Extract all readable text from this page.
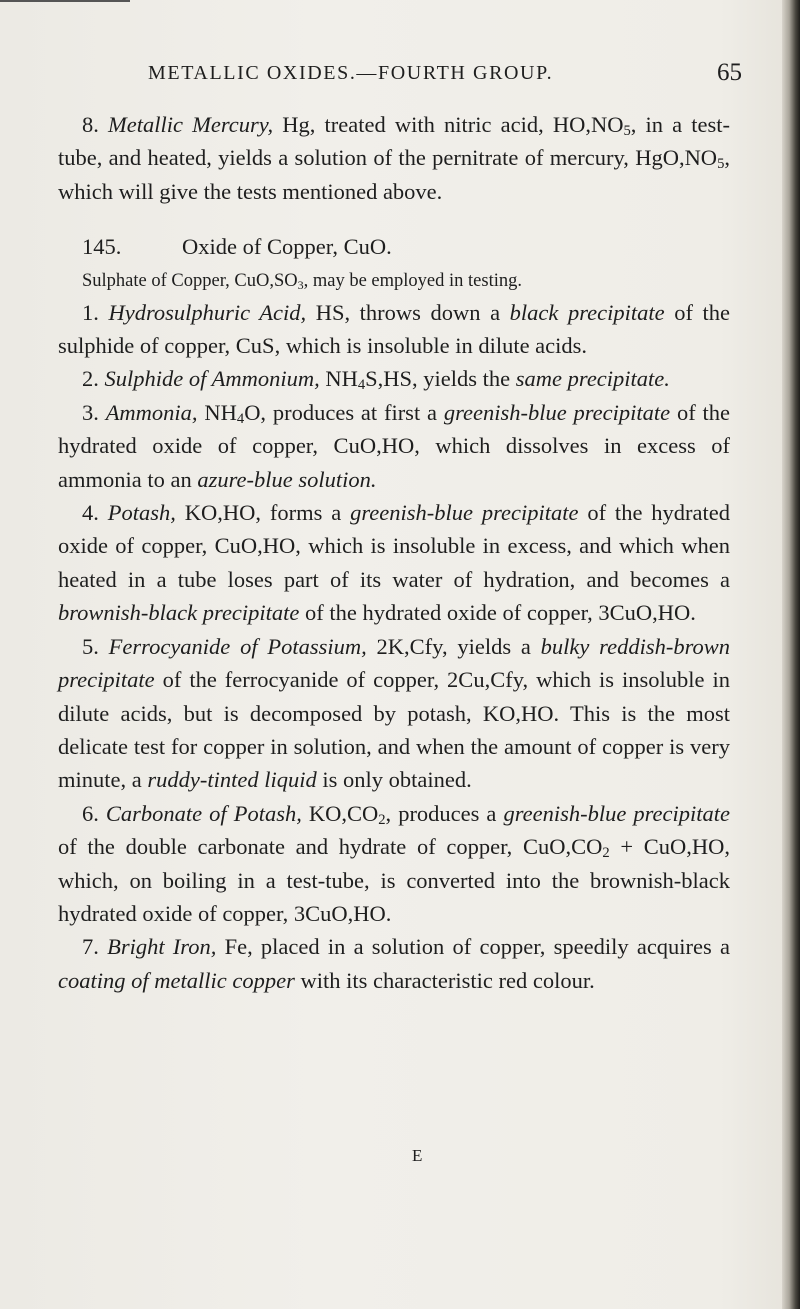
METALLIC OXIDES.—FOURTH GROUP.	65

8. Metallic Mercury, Hg, treated with nitric acid, $HO,NO_5$, in a test-tube, and heated, yields a solution of the pernitrate of mercury, $HgO,NO_5$, which will give the tests mentioned above.

145.	Oxide of Copper, CuO.

Sulphate of Copper, $CuO,SO_3$, may be employed in testing.

1. Hydrosulphuric Acid, HS, throws down a black precipitate of the sulphide of copper, CuS, which is insoluble in dilute acids.

2. Sulphide of Ammonium, $NH_4S,HS$, yields the same precipitate.

3. Ammonia, $NH_4O$, produces at first a greenish-blue precipitate of the hydrated oxide of copper, CuO,HO, which dissolves in excess of ammonia to an azure-blue solution.

4. Potash, KO,HO, forms a greenish-blue precipitate of the hydrated oxide of copper, CuO,HO, which is insoluble in excess, and which when heated in a tube loses part of its water of hydration, and becomes a brownish-black precipitate of the hydrated oxide of copper, 3CuO,HO.

5. Ferrocyanide of Potassium, 2K,Cfy, yields a bulky reddish-brown precipitate of the ferrocyanide of copper, 2Cu,Cfy, which is insoluble in dilute acids, but is decomposed by potash, KO,HO. This is the most delicate test for copper in solution, and when the amount of copper is very minute, a ruddy-tinted liquid is only obtained.

6. Carbonate of Potash, $KO,CO_2$, produces a greenish-blue precipitate of the double carbonate and hydrate of copper, $CuO,CO_2 + CuO,HO$, which, on boiling in a test-tube, is converted into the brownish-black hydrated oxide of copper, 3CuO,HO.

7. Bright Iron, Fe, placed in a solution of copper, speedily acquires a coating of metallic copper with its characteristic red colour.

E
